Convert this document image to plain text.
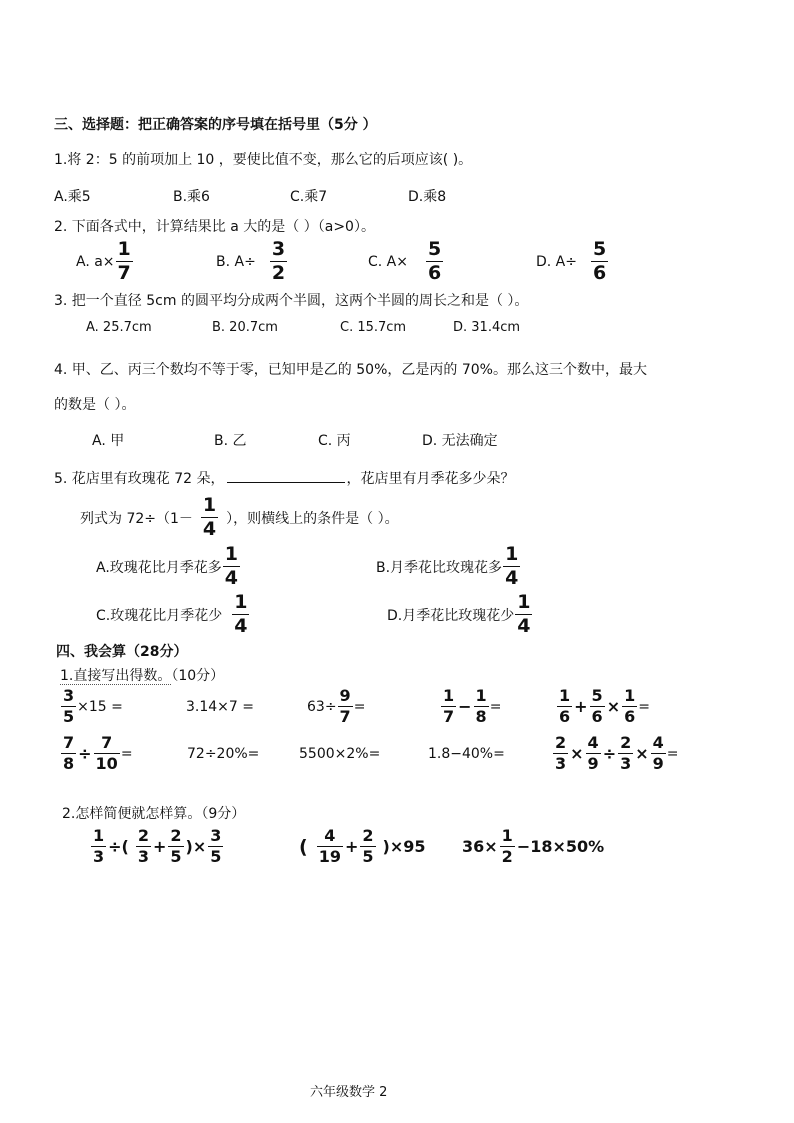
三、选择题：把正确答案的序号填在括号里（5分 ）
1.将 2：5 的前项加上 10 ，要使比值不变，那么它的后项应该( )。
A.乘5	B.乘6	C.乘7	D.乘8
2. 下面各式中，计算结果比 a 大的是（ ）（a>0）。
A. $a\times \frac{1}{7}$	B. $A\div \frac{3}{2}$	C. $A\times \frac{5}{6}$	D. $A\div \frac{5}{6}$
3. 把一个直径 5cm 的圆平均分成两个半圆，这两个半圆的周长之和是（ ）。
A. 25.7cm	B. 20.7cm	C. 15.7cm	D. 31.4cm
4. 甲、乙、丙三个数均不等于零，已知甲是乙的 50%，乙是丙的 70%。那么这三个数中，最大
的数是（ ）。
A. 甲	B. 乙	C. 丙	D. 无法确定
5. 花店里有玫瑰花 72 朵，	，花店里有月季花多少朵？
列式为 $72\div(1- \frac{1}{4}$ ），则横线上的条件是（ ）。
A.玫瑰花比月季花多 $\frac{1}{4}$	B.月季花比玫瑰花多 $\frac{1}{4}$
C.玫瑰花比月季花少 $\frac{1}{4}$	D.月季花比玫瑰花少 $\frac{1}{4}$
四、我会算（28分）
1.直接写出得数。（10分）
$\frac{3}{5} \times 15$ =	3.14×7 =	$63\div \frac{9}{7}$ =	$\frac{1}{7} - \frac{1}{8}$ =	$\frac{1}{6} + \frac{5}{6} \times \frac{1}{6}$ =
$\frac{7}{8} \div \frac{7}{10}$ =	72÷20%=	5500×2%=	1.8−40%=	$\frac{2}{3} \times \frac{4}{9} \div \frac{2}{3} \times \frac{4}{9}$ =
2.怎样简便就怎样算。（9分）
$\frac{1}{3}$ ÷( $\frac{2}{3} + \frac{2}{5}$ )× $\frac{3}{5}$	( $\frac{4}{19} + \frac{2}{5} )\times 95$ $36\times \frac{1}{2} -18\times 50\%$
六年级数学 2
